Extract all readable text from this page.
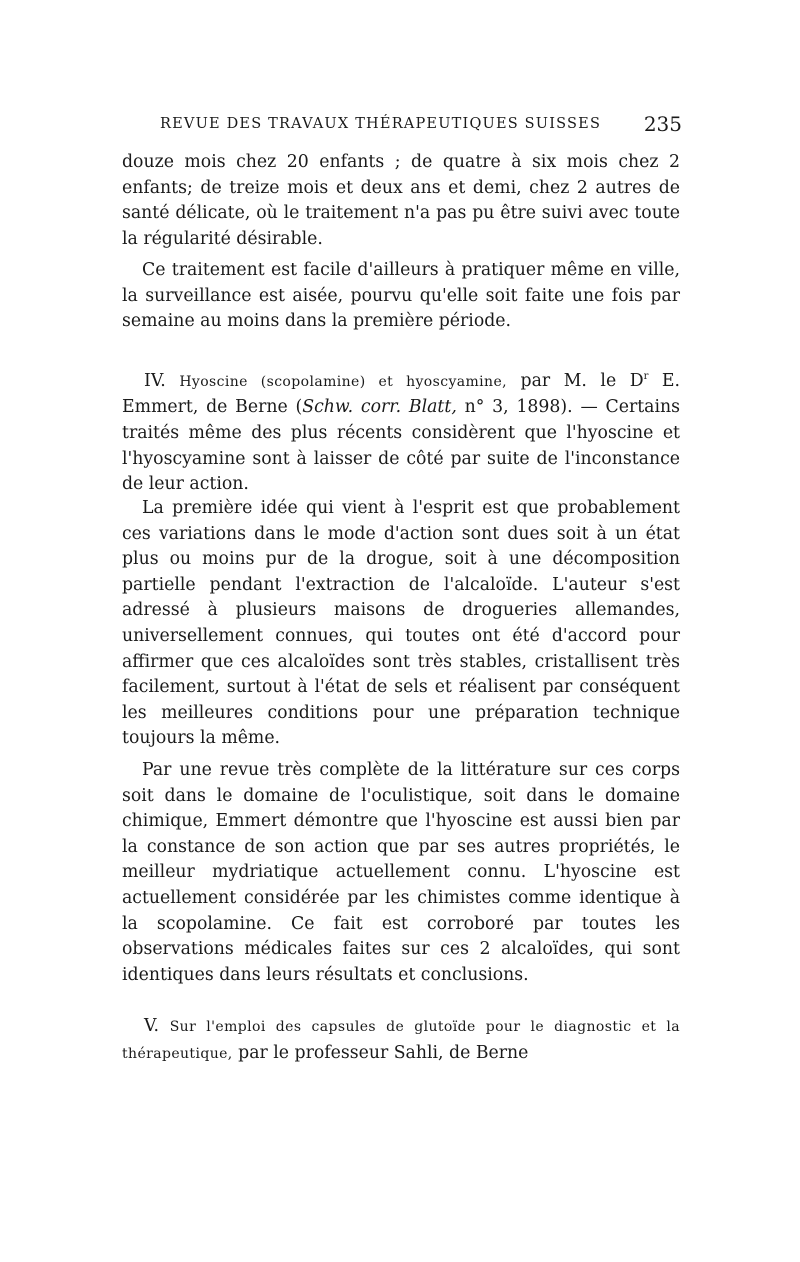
REVUE DES TRAVAUX THÉRAPEUTIQUES SUISSES	235

douze mois chez 20 enfants ; de quatre à six mois chez 2 enfants; de treize mois et deux ans et demi, chez 2 autres de santé délicate, où le traitement n'a pas pu être suivi avec toute la régularité désirable.

Ce traitement est facile d'ailleurs à pratiquer même en ville, la surveillance est aisée, pourvu qu'elle soit faite une fois par semaine au moins dans la première période.

IV. Hyoscine (scopolamine) et hyoscyamine, par M. le $D^r$ E. Emmert, de Berne (Schw. corr. Blatt, n° 3, 1898). — Certains traités même des plus récents considèrent que l'hyoscine et l'hyoscyamine sont à laisser de côté par suite de l'inconstance de leur action.

La première idée qui vient à l'esprit est que probablement ces variations dans le mode d'action sont dues soit à un état plus ou moins pur de la drogue, soit à une décomposition partielle pendant l'extraction de l'alcaloïde. L'auteur s'est adressé à plusieurs maisons de drogueries allemandes, universellement connues, qui toutes ont été d'accord pour affirmer que ces alcaloïdes sont très stables, cristallisent très facilement, surtout à l'état de sels et réalisent par conséquent les meilleures conditions pour une préparation technique toujours la même.

Par une revue très complète de la littérature sur ces corps soit dans le domaine de l'oculistique, soit dans le domaine chimique, Emmert démontre que l'hyoscine est aussi bien par la constance de son action que par ses autres propriétés, le meilleur mydriatique actuellement connu. L'hyoscine est actuellement considérée par les chimistes comme identique à la scopolamine. Ce fait est corroboré par toutes les observations médicales faites sur ces 2 alcaloïdes, qui sont identiques dans leurs résultats et conclusions.

V. Sur l'emploi des capsules de glutoïde pour le diagnostic et la thérapeutique, par le professeur Sahli, de Berne
